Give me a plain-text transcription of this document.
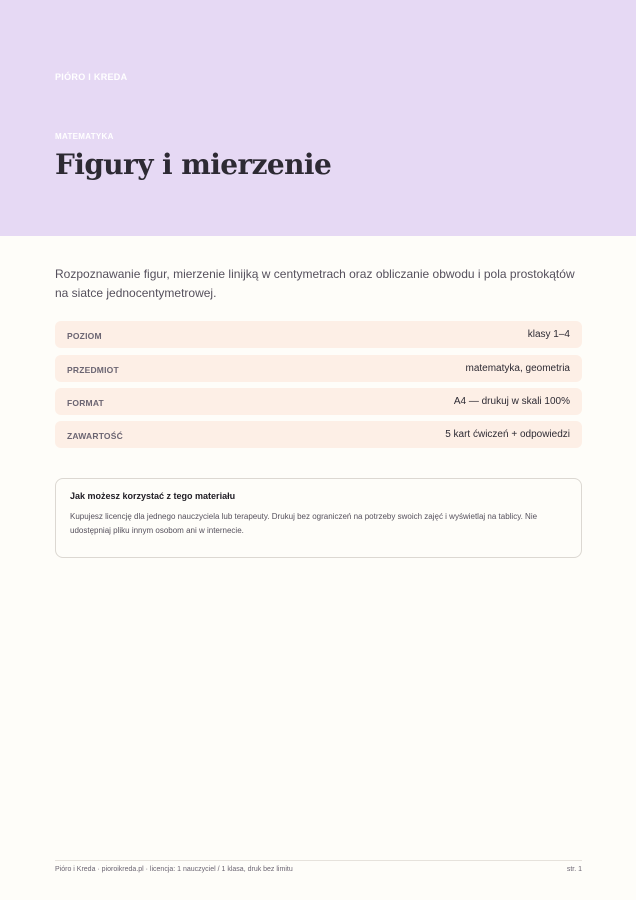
PIÓRO I KREDA
MATEMATYKA
Figury i mierzenie

Rozpoznawanie figur, mierzenie linijką w centymetrach oraz obliczanie obwodu i pola prostokątów na siatce jednocentymetrowej.

POZIOM	klasy 1–4
PRZEDMIOT	matematyka, geometria
FORMAT	A4 — drukuj w skali 100%
ZAWARTOŚĆ	5 kart ćwiczeń + odpowiedzi
Jak możesz korzystać z tego materiału
Kupujesz licencję dla jednego nauczyciela lub terapeuty. Drukuj bez ograniczeń na potrzeby swoich zajęć i wyświetlaj na tablicy. Nie udostępniaj pliku innym osobom ani w internecie.
Pióro i Kreda · pioroikreda.pl · licencja: 1 nauczyciel / 1 klasa, druk bez limitu	str. 1
